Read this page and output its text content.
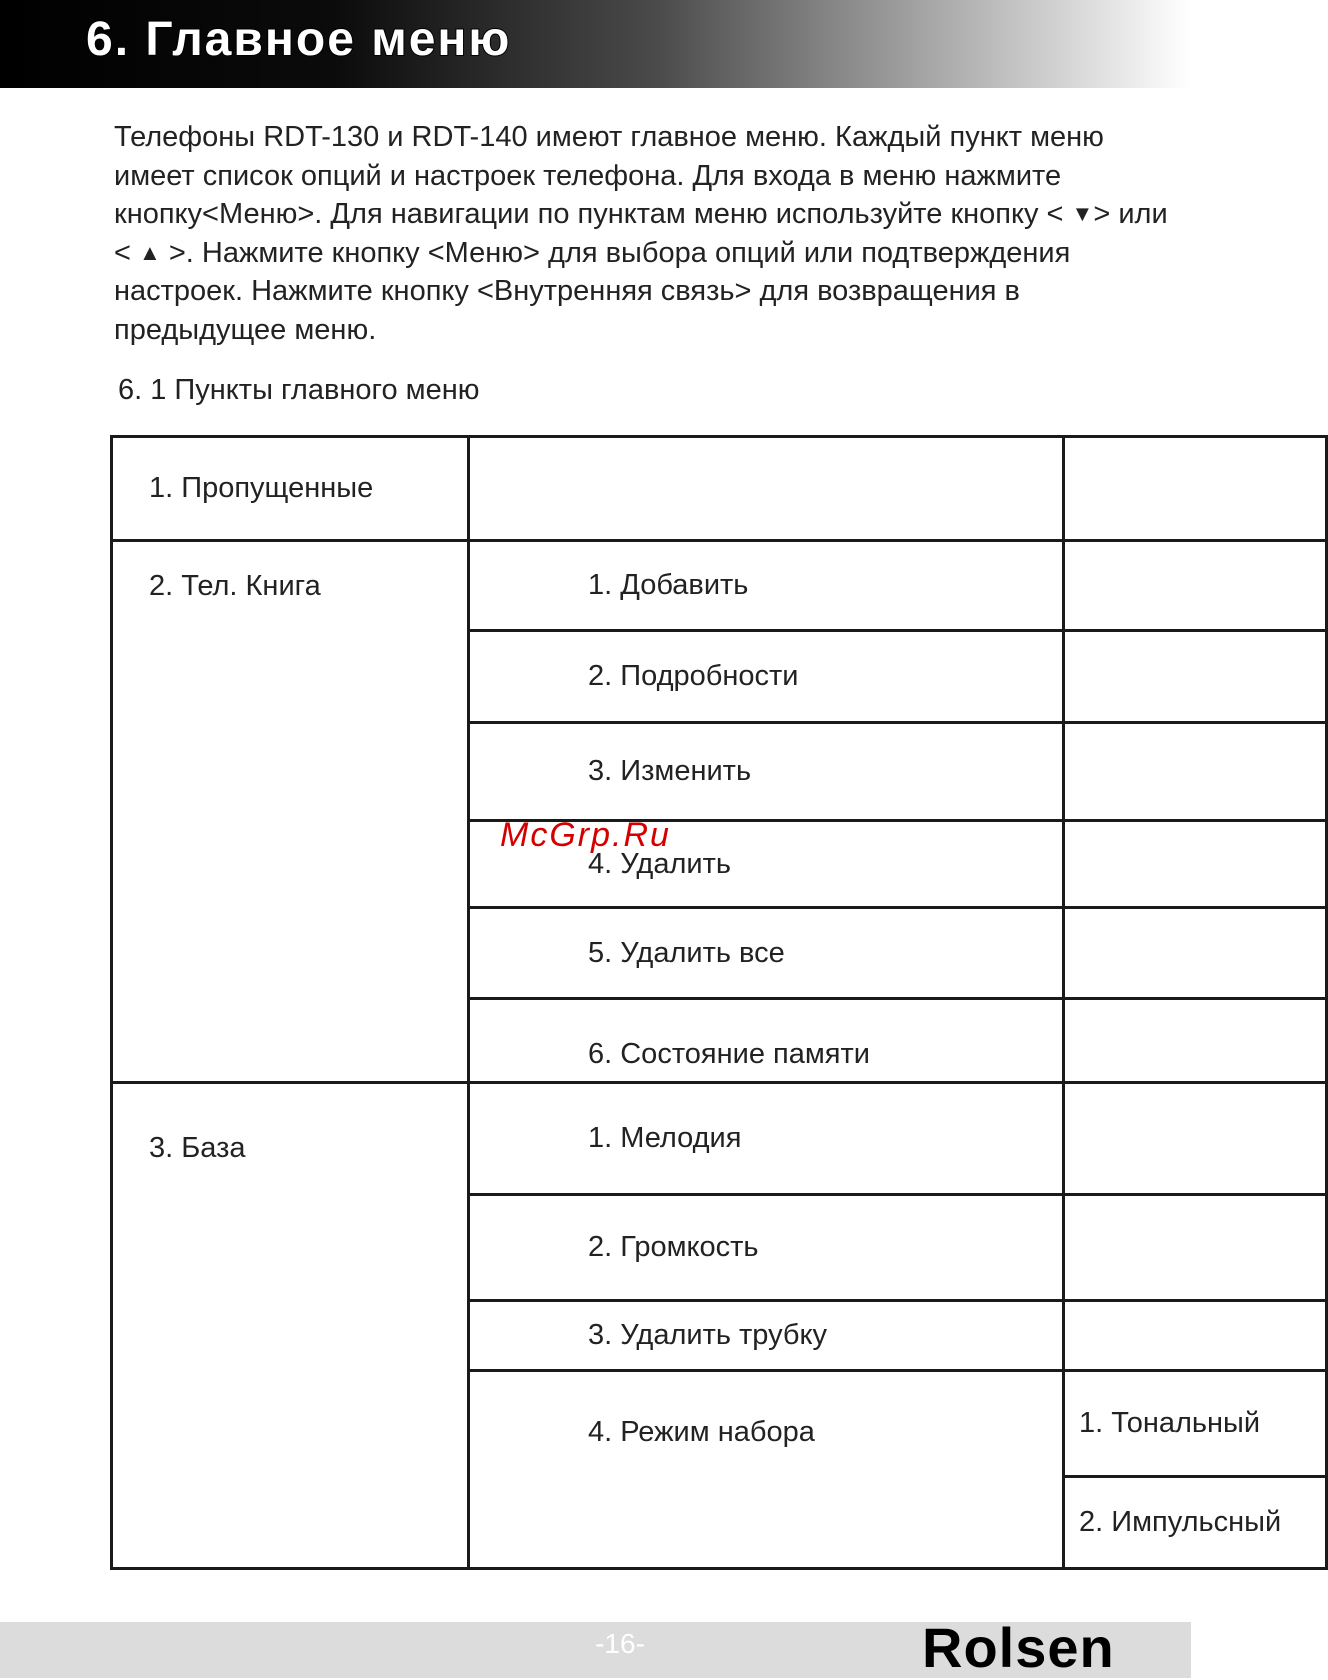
6. Главное меню
Телефоны RDT-130 и RDT-140 имеют главное меню. Каждый пункт меню имеет список опций и настроек телефона. Для входа в меню нажмите кнопку<Меню>. Для навигации по пунктам меню используйте кнопку < ▼> или < ▲ >. Нажмите кнопку <Меню> для выбора опций или подтверждения настроек. Нажмите кнопку <Внутренняя связь> для возвращения в предыдущее меню.
6. 1 Пункты главного меню
1. Пропущенные		
2. Тел. Книга	1. Добавить	
	2. Подробности	
	3. Изменить	
	4. Удалить	
	5. Удалить все	
	6. Состояние памяти	
3. База	1. Мелодия	
	2. Громкость	
	3. Удалить трубку	
	4. Режим набора	1. Тональный
		2. Импульсный
McGrp.Ru
-16-	Rolsen
